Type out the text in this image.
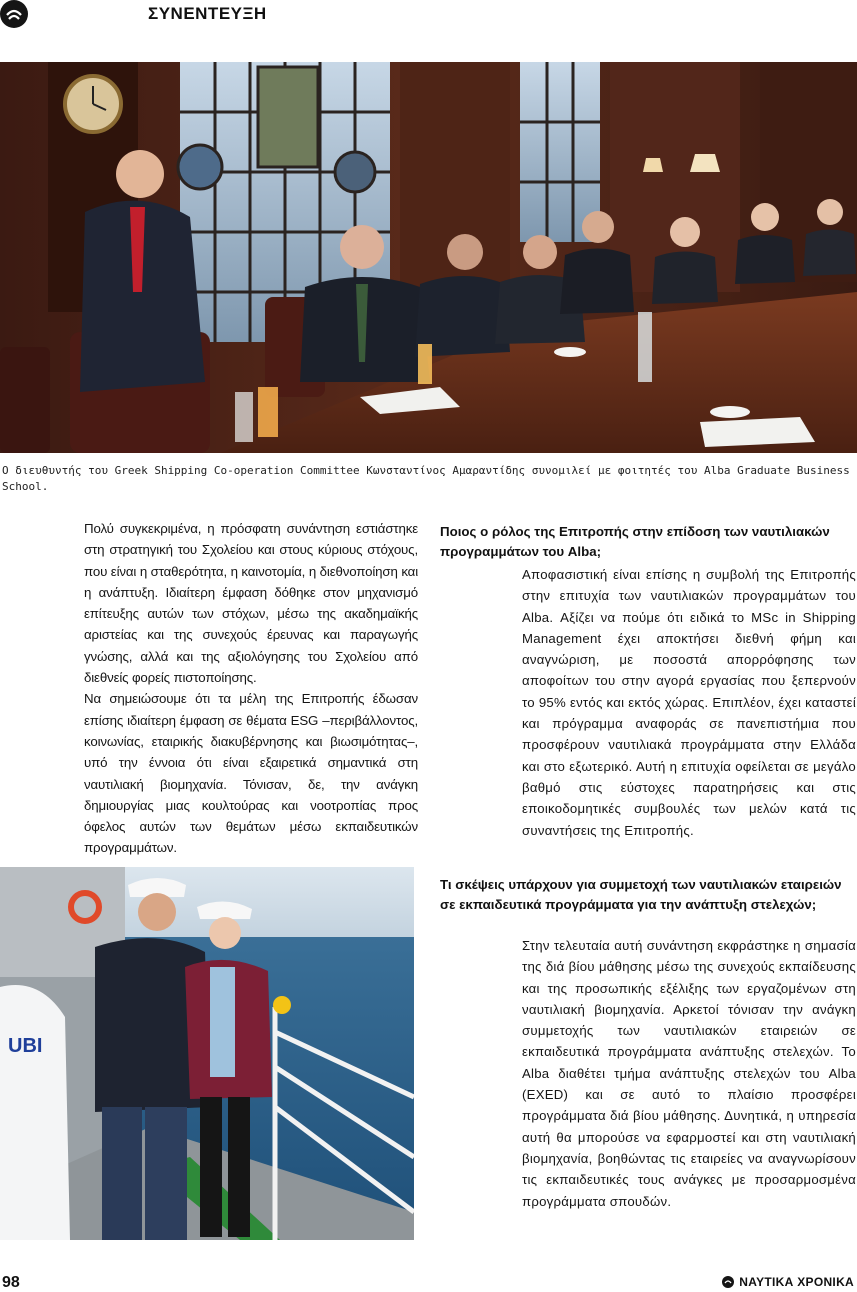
ΣΥΝΕΝΤΕΥΞΗ
Ο διευθυντής του Greek Shipping Co-operation Committee Κωνσταντίνος Αμαραντίδης συνομιλεί με φοιτητές του Alba Graduate Business School.

Πολύ συγκεκριμένα, η πρόσφατη συνάντηση εστιάστηκε στη στρατηγική του Σχολείου και στους κύριους στόχους, που είναι η σταθερότητα, η καινοτομία, η διεθνοποίηση και η ανάπτυξη. Ιδιαίτερη έμφαση δόθηκε στον μηχανισμό επίτευξης αυτών των στόχων, μέσω της ακαδημαϊκής αριστείας και της συνεχούς έρευνας και παραγωγής γνώσης, αλλά και της αξιολόγησης του Σχολείου από διεθνείς φορείς πιστοποίησης.

Να σημειώσουμε ότι τα μέλη της Επιτροπής έδωσαν επίσης ιδιαίτερη έμφαση σε θέματα ESG –περιβάλλοντος, κοινωνίας, εταιρικής διακυβέρνησης και βιωσιμότητας–, υπό την έννοια ότι είναι εξαιρετικά σημαντικά στη ναυτιλιακή βιομηχανία. Τόνισαν, δε, την ανάγκη δημιουργίας μιας κουλτούρας και νοοτροπίας προς όφελος αυτών των θεμάτων μέσω εκπαιδευτικών προγραμμάτων.

Ποιος ο ρόλος της Επιτροπής στην επίδοση των ναυτιλιακών προγραμμάτων του Alba;
Αποφασιστική είναι επίσης η συμβολή της Επιτροπής στην επιτυχία των ναυτιλιακών προγραμμάτων του Alba. Αξίζει να πούμε ότι ειδικά το MSc in Shipping Management έχει αποκτήσει διεθνή φήμη και αναγνώριση, με ποσοστά απορρόφησης των αποφοίτων του στην αγορά εργασίας που ξεπερνούν το 95% εντός και εκτός χώρας. Επιπλέον, έχει καταστεί και πρόγραμμα αναφοράς σε πανεπιστήμια που προσφέρουν ναυτιλιακά προγράμματα στην Ελλάδα και στο εξωτερικό. Αυτή η επιτυχία οφείλεται σε μεγάλο βαθμό στις εύστοχες παρατηρήσεις και στις εποικοδομητικές συμβουλές των μελών κατά τις συναντήσεις της Επιτροπής.
UBI
Τι σκέψεις υπάρχουν για συμμετοχή των ναυτιλιακών εταιρειών σε εκπαιδευτικά προγράμματα για την ανάπτυξη στελεχών;
Στην τελευταία αυτή συνάντηση εκφράστηκε η σημασία της διά βίου μάθησης μέσω της συνεχούς εκπαίδευσης και της προσωπικής εξέλιξης των εργαζομένων στη ναυτιλιακή βιομηχανία. Αρκετοί τόνισαν την ανάγκη συμμετοχής των ναυτιλιακών εταιρειών σε εκπαιδευτικά προγράμματα ανάπτυξης στελεχών. Το Alba διαθέτει τμήμα ανάπτυξης στελεχών του Alba (EXED) και σε αυτό το πλαίσιο προσφέρει προγράμματα διά βίου μάθησης. Δυνητικά, η υπηρεσία αυτή θα μπορούσε να εφαρμοστεί και στη ναυτιλιακή βιομηχανία, βοηθώντας τις εταιρείες να αναγνωρίσουν τις εκπαιδευτικές τους ανάγκες με προσαρμοσμένα προγράμματα σπουδών.
98	ΝΑΥΤΙΚΑ ΧΡΟΝΙΚΑ
